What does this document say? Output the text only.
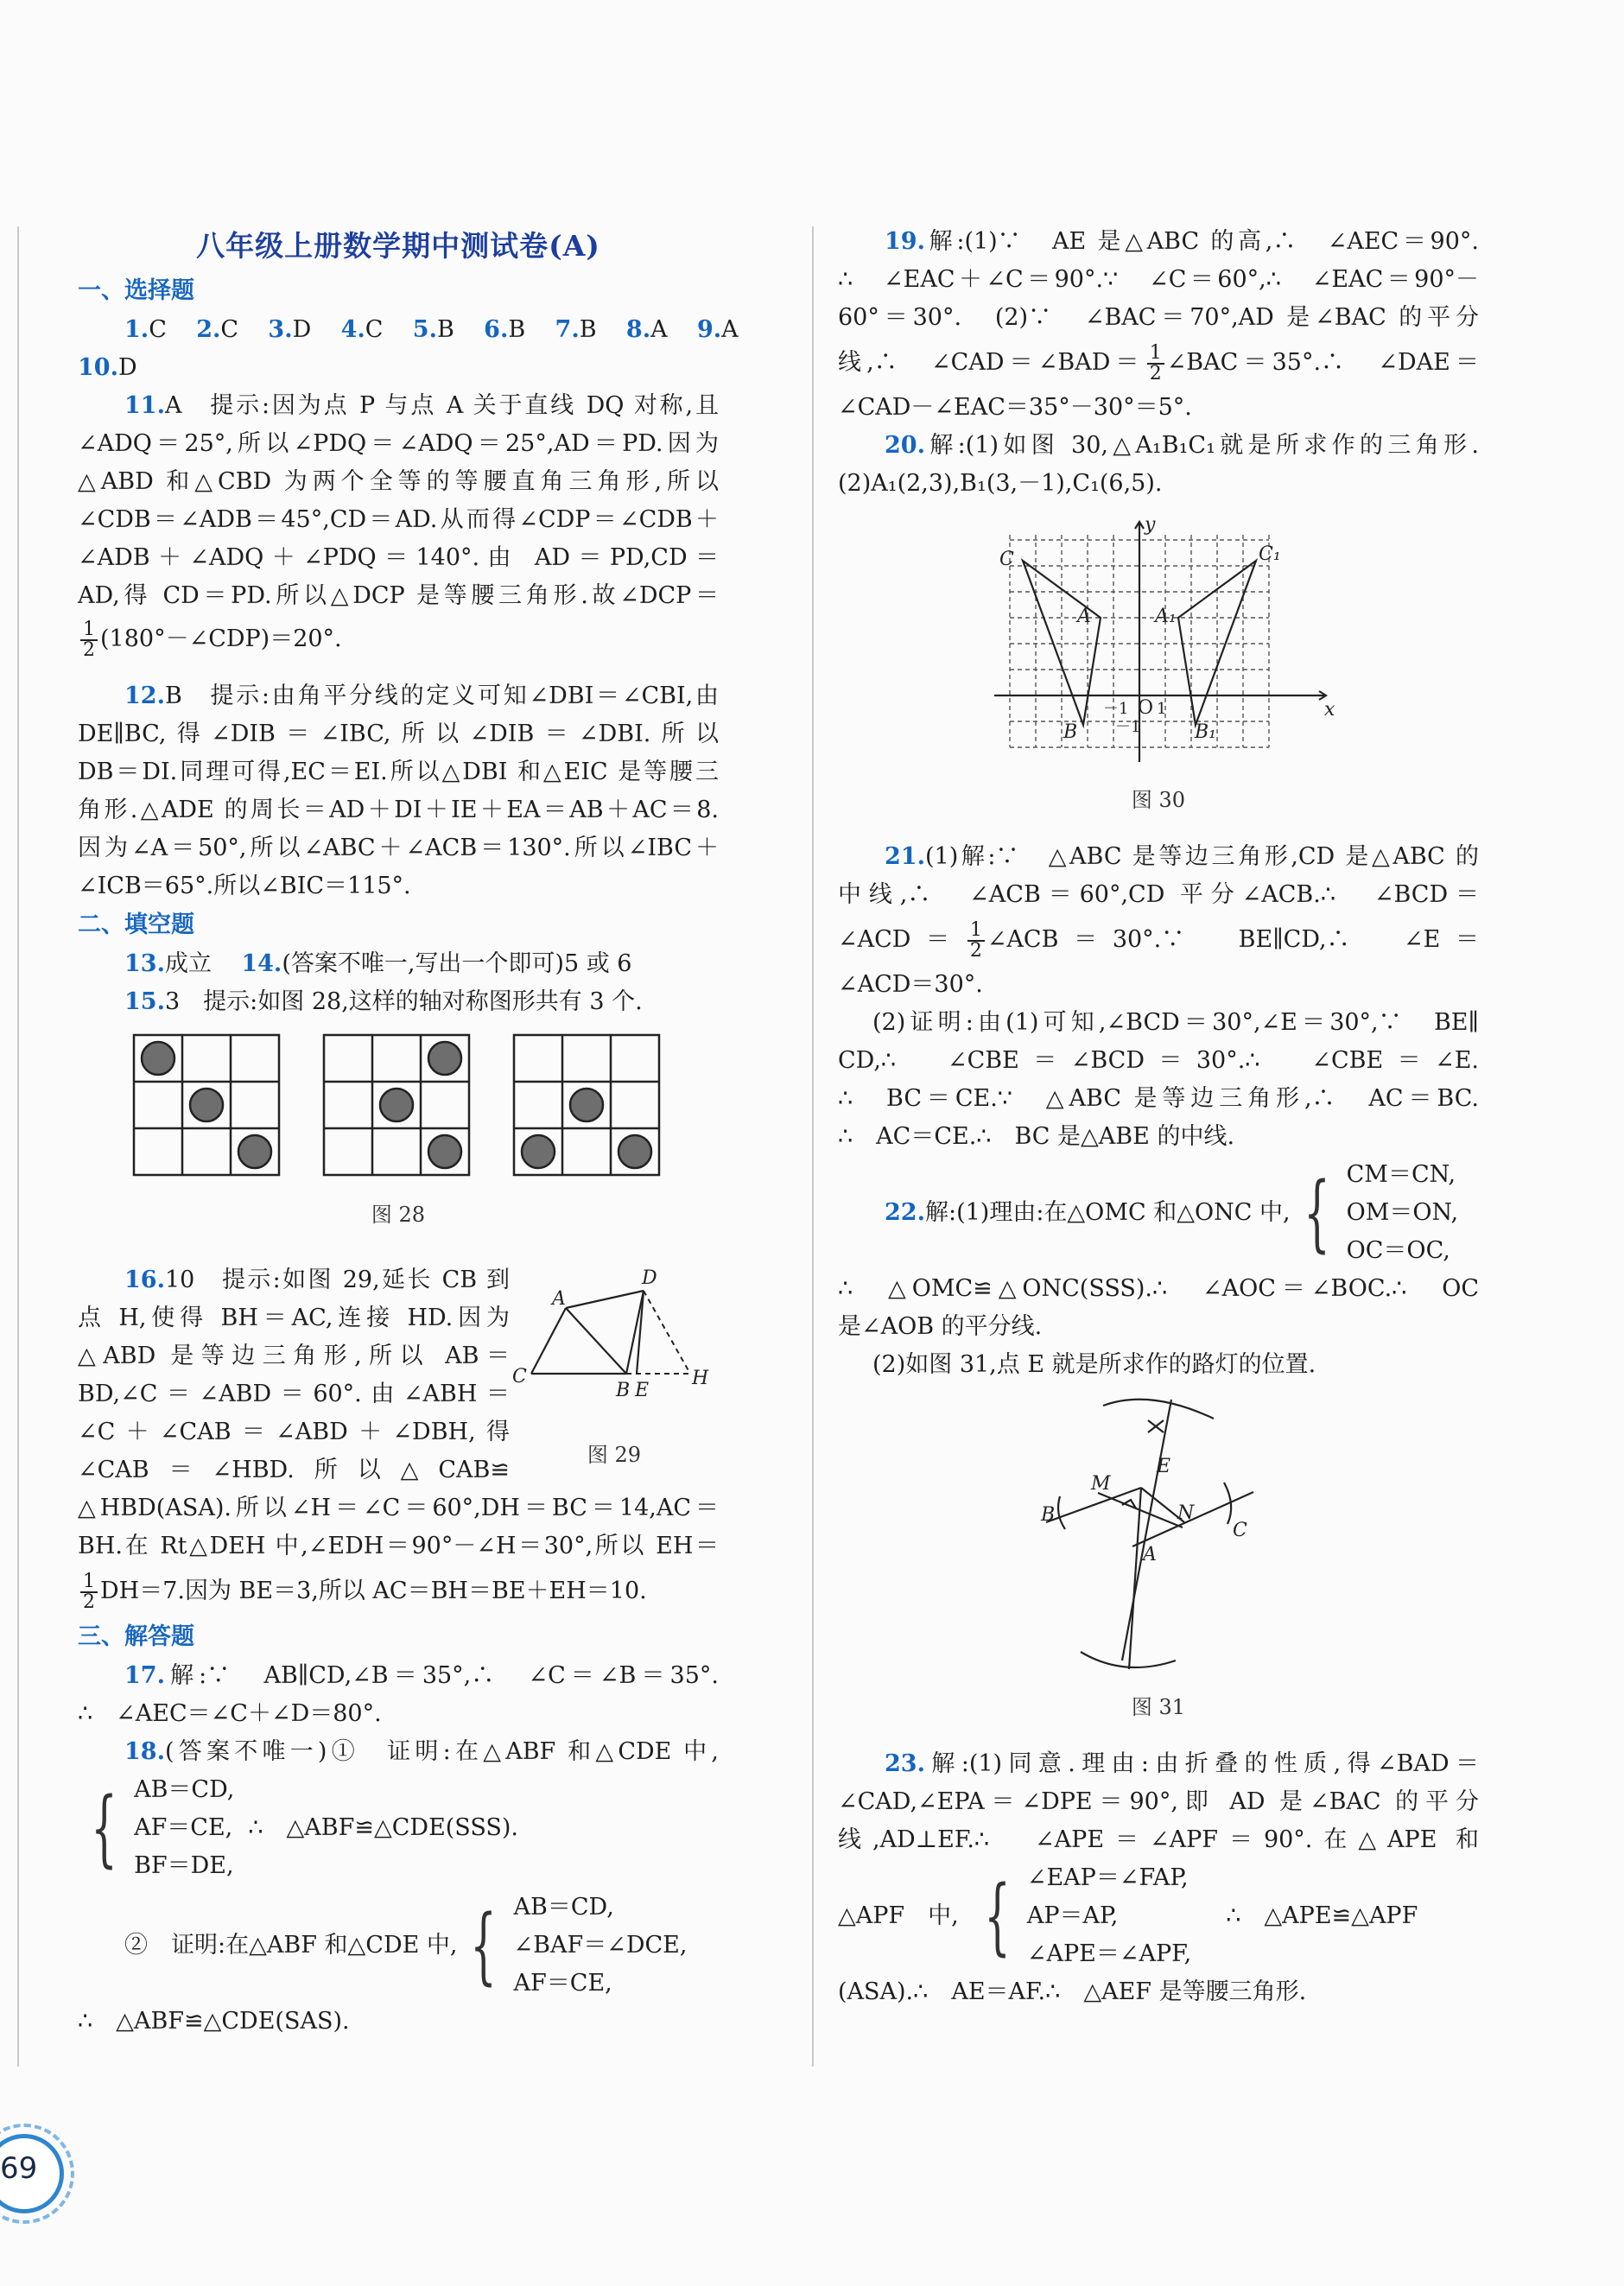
八年级上册数学期中测试卷(A)
一、选择题
1.C 2.C 3.D 4.C 5.B 6.B 7.B 8.A 9.A
10.D
11.A　提示:因为点 P 与点 A 关于直线 DQ 对称,且
∠ADQ＝25°,所以∠PDQ＝∠ADQ＝25°,AD＝PD.因为
△ABD 和△CBD 为两个全等的等腰直角三角形,所以
∠CDB＝∠ADB＝45°,CD＝AD.从而得∠CDP＝∠CDB＋
∠ADB＋∠ADQ＋∠PDQ＝140°.由 AD＝PD,CD＝
AD,得 CD＝PD.所以△DCP 是等腰三角形.故∠DCP＝
$\frac{1}{2}$ (180°－∠CDP)＝20°.
12.B　提示:由角平分线的定义可知∠DBI＝∠CBI,由
DE∥BC,得∠DIB＝∠IBC,所以∠DIB＝∠DBI.所以
DB＝DI.同理可得,EC＝EI.所以△DBI 和△EIC 是等腰三
角形.△ADE 的周长＝AD＋DI＋IE＋EA＝AB＋AC＝8.
因为∠A＝50°,所以∠ABC＋∠ACB＝130°.所以∠IBC＋
∠ICB＝65°.所以∠BIC＝115°.
二、填空题
13.成立 14.(答案不唯一,写出一个即可)5 或 6
15.3　提示:如图 28,这样的轴对称图形共有 3 个.
图 28
16.10　提示:如图 29,延长 CB 到
点 H,使得 BH＝AC,连接 HD.因为
△ABD 是等边三角形,所以 AB＝
BD,∠C＝∠ABD＝60°.由∠ABH＝
∠C＋∠CAB＝∠ABD＋∠DBH,得
∠CAB＝∠HBD.所以△CAB≌
C
A
D
B E
H
图 29
△HBD(ASA).所以∠H＝∠C＝60°,DH＝BC＝14,AC＝
BH.在 Rt△DEH 中,∠EDH＝90°－∠H＝30°,所以 EH＝
$\frac{1}{2} DH=7$.因为 BE＝3,所以 AC＝BH＝BE＋EH＝10.
三、解答题
17.解:∵　AB∥CD,∠B＝35°,∴　∠C＝∠B＝35°.
∴　∠AEC＝∠C＋∠D＝80°.
18.(答案不唯一)①　证明:在△ABF 和△CDE 中,
{ AB＝CD,
AF＝CE,
BF＝DE,
∴　△ABF≌△CDE(SSS).
②　证明:在△ABF 和△CDE 中, { AB＝CD,
∠BAF＝∠DCE,
AF＝CE,
∴　△ABF≌△CDE(SAS).
19.解:(1)∵　AE 是△ABC 的高,∴　∠AEC＝90°.
∴　∠EAC＋∠C＝90°.∵　∠C＝60°,∴　∠EAC＝90°－
60°＝30°.　(2)∵　∠BAC＝70°,AD 是∠BAC 的平分
线,∴　∠CAD＝∠BAD＝ $\frac{1}{2}$ ∠BAC＝35°.∴　∠DAE＝
∠CAD－∠EAC＝35°－30°＝5°.
20.解:(1)如图 30,△A₁B₁C₁就是所求作的三角形.
(2)A₁(2,3),B₁(3,－1),C₁(6,5).
y
x
C
A
B
C₁
A₁
B₁
O
－1 1
－1
图 30
21.(1)解:∵　△ABC 是等边三角形,CD 是△ABC 的
中线,∴　∠ACB＝60°,CD 平分∠ACB.∴　∠BCD＝
∠ACD＝ $\frac{1}{2}$ ∠ACB＝30°.∵　BE∥CD,∴　∠E＝
∠ACD＝30°.
(2)证明:由(1)可知,∠BCD＝30°,∠E＝30°,∵　BE∥
CD,∴　∠CBE＝∠BCD＝30°.∴　∠CBE＝∠E.
∴　BC＝CE.∵　△ABC 是等边三角形,∴　AC＝BC.
∴　AC＝CE.∴　BC 是△ABE 的中线.
22.解:(1)理由:在△OMC 和△ONC 中, { CM＝CN,
OM＝ON,
OC＝OC,
∴　△OMC≌△ONC(SSS).∴　∠AOC＝∠BOC.∴　OC
是∠AOB 的平分线.
(2)如图 31,点 E 就是所求作的路灯的位置.
E
M
N
B
A
C
图 31
23.解:(1)同意.理由:由折叠的性质,得∠BAD＝
∠CAD,∠EPA＝∠DPE＝90°,即 AD 是∠BAC 的平分
线,AD⊥EF.∴　∠APE＝∠APF＝90°.在△APE 和
△APF　中, { ∠EAP＝∠FAP,
AP＝AP,
∠APE＝∠APF,
∴　△APE≌△APF
(ASA).∴　AE＝AF.∴　△AEF 是等腰三角形.
69
